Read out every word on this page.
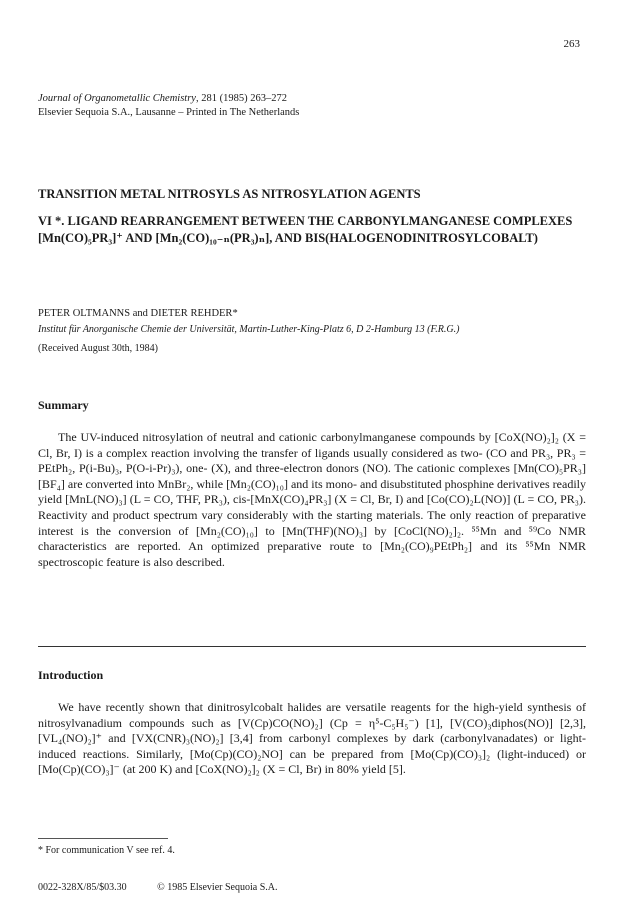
263
Journal of Organometallic Chemistry, 281 (1985) 263–272
Elsevier Sequoia S.A., Lausanne – Printed in The Netherlands
TRANSITION METAL NITROSYLS AS NITROSYLATION AGENTS
VI *. LIGAND REARRANGEMENT BETWEEN THE CARBONYLMANGANESE COMPLEXES [Mn(CO)₅PR₃]⁺ AND [Mn₂(CO)₁₀₋ₙ(PR₃)ₙ], AND BIS(HALOGENODINITROSYLCOBALT)
PETER OLTMANNS and DIETER REHDER*
Institut für Anorganische Chemie der Universität, Martin-Luther-King-Platz 6, D 2-Hamburg 13 (F.R.G.)
(Received August 30th, 1984)
Summary

The UV-induced nitrosylation of neutral and cationic carbonylmanganese compounds by [CoX(NO)₂]₂ (X = Cl, Br, I) is a complex reaction involving the transfer of ligands usually considered as two- (CO and PR₃, PR₃ = PEtPh₂, P(i-Bu)₃, P(O-i-Pr)₃), one- (X), and three-electron donors (NO). The cationic complexes [Mn(CO)₅PR₃][BF₄] are converted into MnBr₂, while [Mn₂(CO)₁₀] and its mono- and disubstituted phosphine derivatives readily yield [MnL(NO)₃] (L = CO, THF, PR₃), cis-[MnX(CO)₄PR₃] (X = Cl, Br, I) and [Co(CO)₂L(NO)] (L = CO, PR₃). Reactivity and product spectrum vary considerably with the starting materials. The only reaction of preparative interest is the conversion of [Mn₂(CO)₁₀] to [Mn(THF)(NO)₃] by [CoCl(NO)₂]₂. ⁵⁵Mn and ⁵⁹Co NMR characteristics are reported. An optimized preparative route to [Mn₂(CO)₉PEtPh₂] and its ⁵⁵Mn NMR spectroscopic feature is also described.

Introduction

We have recently shown that dinitrosylcobalt halides are versatile reagents for the high-yield synthesis of nitrosylvanadium compounds such as [V(Cp)CO(NO)₂] (Cp = η⁵-C₅H₅⁻) [1], [V(CO)₃diphos(NO)] [2,3], [VL₄(NO)₂]⁺ and [VX(CNR)₃(NO)₂] [3,4] from carbonyl complexes by dark (carbonylvanadates) or light-induced reactions. Similarly, [Mo(Cp)(CO)₂NO] can be prepared from [Mo(Cp)(CO)₃]₂ (light-induced) or [Mo(Cp)(CO)₃]⁻ (at 200 K) and [CoX(NO)₂]₂ (X = Cl, Br) in 80% yield [5].

* For communication V see ref. 4.
0022-328X/85/$03.30	© 1985 Elsevier Sequoia S.A.
